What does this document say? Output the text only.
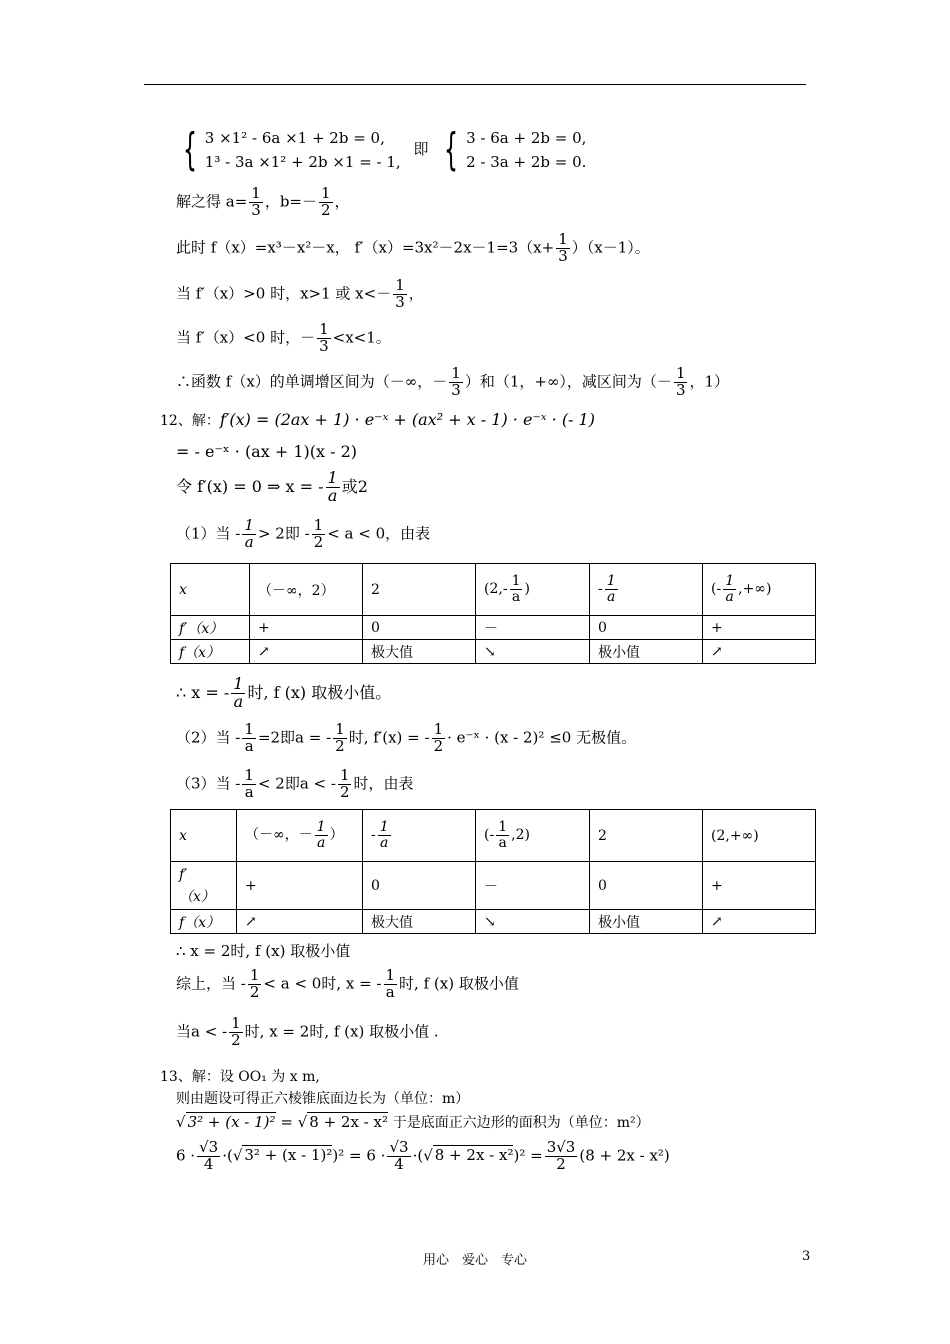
{ 3 ×1² - 6a ×1 + 2b = 0,
1³ - 3a ×1² + 2b ×1 = - 1,
即 { 3 - 6a + 2b = 0,
2 - 3a + 2b = 0.
解之得 $a= \frac{1}{3}$ ，$b=- \frac{1}{2}$ ，
此时 f（x）=x³－x²－x， $f'(x)=3x^2-2x-1=3(x+ \frac{1}{3} )(x-1)$。
当 f′（x）>0 时，x>1 或 $x<- \frac{1}{3}$ ，
当 f′（x）<0 时，－ $\frac{1}{3} <x<1$。
∴函数 f（x）的单调增区间为（－∞，－ $\frac{1}{3}$ ）和（1，+∞），减区间为（－ $\frac{1}{3}$ ，1）
12、解：f′(x) = (2ax + 1) · e⁻ˣ + (ax² + x - 1) · e⁻ˣ · (- 1)
= - e⁻ˣ · (ax + 1)(x - 2)
令 f′(x) = 0 ⇒ x = - $\frac{1}{a}$ 或2
（1）当 - $\frac{1}{a} > 2$即 - $\frac{1}{2} < a < 0$，由表
x	（－∞，2）	2	($2,- \frac{1}{a}$ )	- $\frac{1}{a}$	(- $\frac{1}{a}$ ,+∞)
f′（x）	+	0	－	0	+
f（x）	↗	极大值	↘	极小值	↗
∴ x = - $\frac{1}{a}$ 时, f (x) 取极小值。
（2）当 - $\frac{1}{a} =2$即a = - $\frac{1}{2}$ 时, f′(x) = - $\frac{1}{2}$ · e⁻ˣ · (x - 2)² ≤0 无极值。
（3）当 - $\frac{1}{a} < 2$即a < - $\frac{1}{2}$ 时，由表
x	（－∞，－ $\frac{1}{a}$ ）	- $\frac{1}{a}$	(- $\frac{1}{a} ,2$)	2	(2,+∞)
f′
（x）	+	0	－	0	+
f（x）	↗	极大值	↘	极小值	↗
∴ x = 2时, f (x) 取极小值
综上，当 - $\frac{1}{2} < a < 0$时, x = - $\frac{1}{a}$ 时, f (x) 取极小值
当a < - $\frac{1}{2}$ 时, x = 2时, f (x) 取极小值 .
13、解：设 OO₁ 为 x m,
则由题设可得正六棱锥底面边长为（单位：m）
√ 3² + (x - 1)² = √ 8 + 2x - x² 于是底面正六边形的面积为（单位：m²）
$6 \cdot \frac{√3}{4}$ ·(√ $3^2 + (x - 1)^2)^2 = 6 \cdot \frac{√3}{4}$ ·(√ $8 + 2x - x^2)^2 = \frac{3√3}{2} (8 + 2x - x^2)$
用心　爱心　专心	3
